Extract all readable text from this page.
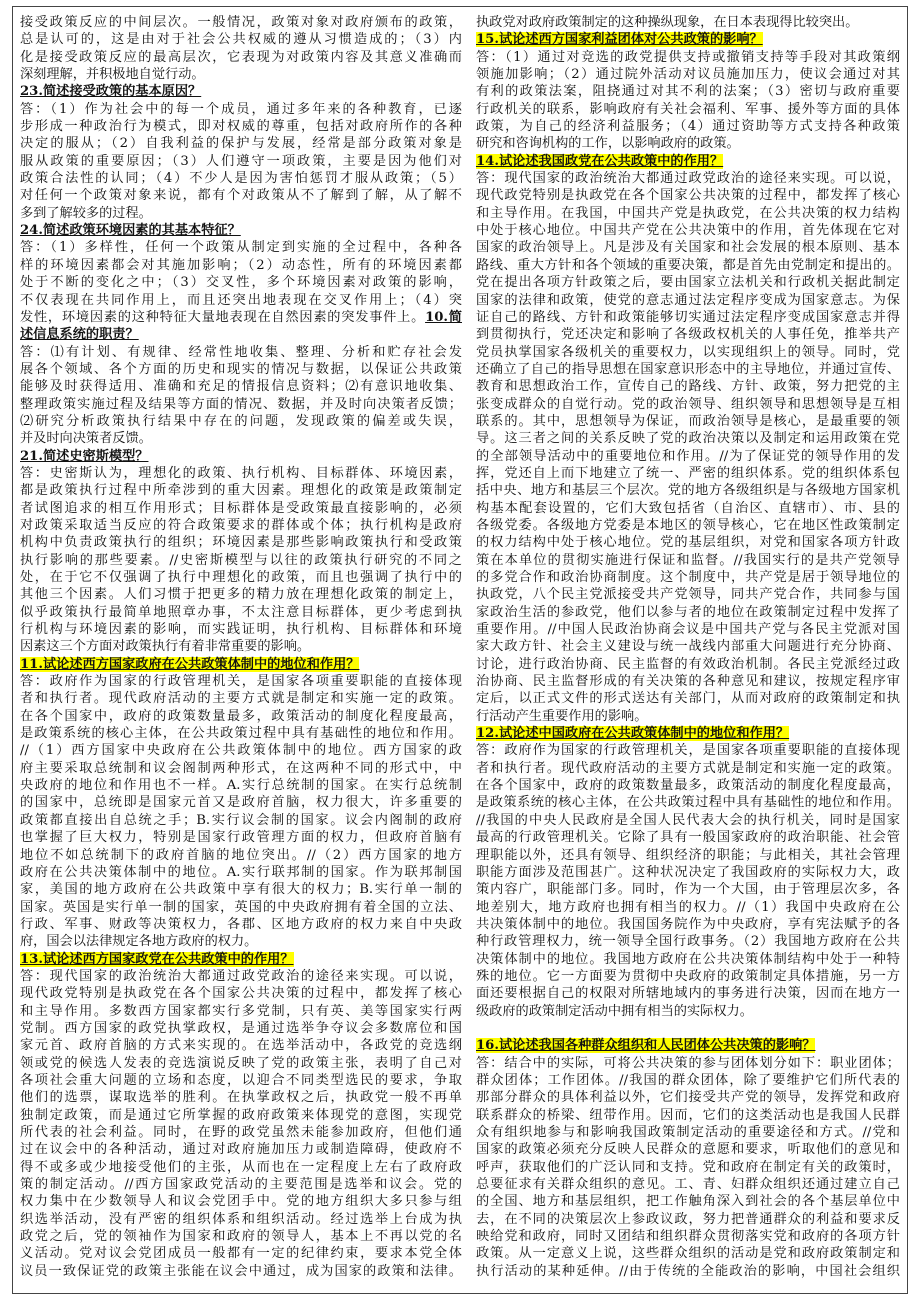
接受政策反应的中间层次。一般情况，政策对象对政府颁布的政策，
总是认可的，这是由对于社会公共权威的遵从习惯造成的；（3）内
化是接受政策反应的最高层次，它表现为对政策内容及其意义准确而
深刻理解，并积极地自觉行动。
23.简述接受政策的基本原因？
答：（1）作为社会中的每一个成员，通过多年来的各种教育，已逐
步形成一种政治行为模式，即对权威的尊重，包括对政府所作的各种
决定的服从；（2）自我利益的保护与发展，经常是部分政策对象是
服从政策的重要原因；（3）人们遵守一项政策，主要是因为他们对
政策合法性的认同；（4）不少人是因为害怕惩罚才服从政策；（5）
对任何一个政策对象来说，都有个对政策从不了解到了解，从了解不
多到了解较多的过程。
24.简述政策环境因素的其基本特征？
答：（1）多样性，任何一个政策从制定到实施的全过程中，各种各
样的环境因素都会对其施加影响；（2）动态性，所有的环境因素都
处于不断的变化之中；（3）交叉性，多个环境因素对政策的影响，
不仅表现在共同作用上，而且还突出地表现在交叉作用上；（4）突
发性，环境因素的这种特征大量地表现在自然因素的突发事件上。10.简
述信息系统的职责？
答：⑴有计划、有规律、经常性地收集、整理、分析和贮存社会发
展各个领域、各个方面的历史和现实的情况与数据，以保证公共政策
能够及时获得适用、准确和充足的情报信息资料；⑵有意识地收集、
整理政策实施过程及结果等方面的情况、数据，并及时向决策者反馈；
⑵研究分析政策执行结果中存在的问题，发现政策的偏差或失误，
并及时向决策者反馈。
21.简述史密斯模型？
答：史密斯认为，理想化的政策、执行机构、目标群体、环境因素，
都是政策执行过程中所牵涉到的重大因素。理想化的政策是政策制定
者试图追求的相互作用形式；目标群体是受政策最直接影响的，必须
对政策采取适当反应的符合政策要求的群体或个体；执行机构是政府
机构中负责政策执行的组织；环境因素是那些影响政策执行和受政策
执行影响的那些要素。//史密斯模型与以往的政策执行研究的不同之
处，在于它不仅强调了执行中理想化的政策，而且也强调了执行中的
其他三个因素。人们习惯于把更多的精力放在理想化政策的制定上，
似乎政策执行最简单地照章办事，不太注意目标群体，更少考虑到执
行机构与环境因素的影响，而实践证明，执行机构、目标群体和环境
因素这三个方面对政策执行有着非常重要的影响。
11.试论述西方国家政府在公共政策体制中的地位和作用？
答：政府作为国家的行政管理机关，是国家各项重要职能的直接体现
者和执行者。现代政府活动的主要方式就是制定和实施一定的政策。
在各个国家中，政府的政策数量最多，政策活动的制度化程度最高，
是政策系统的核心主体，在公共政策过程中具有基础性的地位和作用。
//（1）西方国家中央政府在公共政策体制中的地位。西方国家的政
府主要采取总统制和议会阁制两种形式，在这两种不同的形式中，中
央政府的地位和作用也不一样。A.实行总统制的国家。在实行总统制
的国家中，总统即是国家元首又是政府首脑，权力很大，许多重要的
政策都直接出自总统之手；B.实行议会制的国家。议会内阁制的政府
也掌握了巨大权力，特别是国家行政管理方面的权力，但政府首脑有
地位不如总统制下的政府首脑的地位突出。//（2）西方国家的地方
政府在公共决策体制中的地位。A.实行联邦制的国家。作为联邦制国
家，美国的地方政府在公共政策中享有很大的权力；B.实行单一制的
国家。英国是实行单一制的国家，英国的中央政府拥有着全国的立法、
行政、军事、财政等决策权力，各郡、区地方政府的权力来自中央政
府，国会以法律规定各地方政府的权力。
13.试论述西方国家政党在公共政策中的作用？
答：现代国家的政治统治大都通过政党政治的途径来实现。可以说，
现代政党特别是执政党在各个国家公共决策的过程中，都发挥了核心
和主导作用。多数西方国家都实行多党制，只有英、美等国家实行两
党制。西方国家的政党执掌政权，是通过选举争夺议会多数席位和国
家元首、政府首脑的方式来实现的。在选举活动中，各政党的竞选纲
领或党的候选人发表的竞选演说反映了党的政策主张，表明了自己对
各项社会重大问题的立场和态度，以迎合不同类型选民的要求，争取
他们的选票，谋取选举的胜利。在执掌政权之后，执政党一般不再单
独制定政策，而是通过它所掌握的政府政策来体现党的意图，实现党
所代表的社会利益。同时，在野的政党虽然未能参加政府，但他们通
过在议会中的各种活动，通过对政府施加压力或制造障碍，使政府不
得不或多或少地接受他们的主张，从而也在一定程度上左右了政府政
策的制定活动。//西方国家政党活动的主要范围是选举和议会。党的
权力集中在少数领导人和议会党团手中。党的地方组织大多只参与组
织选举活动，没有严密的组织体系和组织活动。经过选举上台成为执
政党之后，党的领袖作为国家和政府的领导人，基本上不再以党的名
义活动。党对议会党团成员一般都有一定的纪律约束，要求本党全体
议员一致保证党的政策主张能在议会中通过，成为国家的政策和法律。
执政党对政府政策制定的这种操纵现象，在日本表现得比较突出。
15.试论述西方国家利益团体对公共政策的影响？
答：（1）通过对竞选的政党提供支持或撤销支持等手段对其政策纲
领施加影响；（2）通过院外活动对议员施加压力，使议会通过对其
有利的政策法案，阻挠通过对其不利的法案；（3）密切与政府重要
行政机关的联系，影响政府有关社会福利、军事、援外等方面的具体
政策，为自己的经济利益服务；（4）通过资助等方式支持各种政策
研究和咨询机构的工作，以影响政府的政策。
14.试论述我国政党在公共政策中的作用？
答：现代国家的政治统治大都通过政党政治的途径来实现。可以说，
现代政党特别是执政党在各个国家公共决策的过程中，都发挥了核心
和主导作用。在我国，中国共产党是执政党，在公共决策的权力结构
中处于核心地位。中国共产党在公共决策中的作用，首先体现在它对
国家的政治领导上。凡是涉及有关国家和社会发展的根本原则、基本
路线、重大方针和各个领域的重要决策，都是首先由党制定和提出的。
党在提出各项方针政策之后，要由国家立法机关和行政机关据此制定
国家的法律和政策，使党的意志通过法定程序变成为国家意志。为保
证自己的路线、方针和政策能够切实通过法定程序变成国家意志并得
到贯彻执行，党还决定和影响了各级政权机关的人事任免，推举共产
党员执掌国家各级机关的重要权力，以实现组织上的领导。同时，党
还确立了自己的指导思想在国家意识形态中的主导地位，并通过宣传、
教育和思想政治工作，宣传自己的路线、方针、政策，努力把党的主
张变成群众的自觉行动。党的政治领导、组织领导和思想领导是互相
联系的。其中，思想领导为保证，而政治领导是核心，是最重要的领
导。这三者之间的关系反映了党的政治决策以及制定和运用政策在党
的全部领导活动中的重要地位和作用。//为了保证党的领导作用的发
挥，党还自上而下地建立了统一、严密的组织体系。党的组织体系包
括中央、地方和基层三个层次。党的地方各级组织是与各级地方国家机
构基本配套设置的，它们大致包括省（自治区、直辖市）、市、县的
各级党委。各级地方党委是本地区的领导核心，它在地区性政策制定
的权力结构中处于核心地位。党的基层组织，对党和国家各项方针政
策在本单位的贯彻实施进行保证和监督。//我国实行的是共产党领导
的多党合作和政治协商制度。这个制度中，共产党是居于领导地位的
执政党，八个民主党派接受共产党领导，同共产党合作，共同参与国
家政治生活的参政党，他们以参与者的地位在政策制定过程中发挥了
重要作用。//中国人民政治协商会议是中国共产党与各民主党派对国
家大政方针、社会主义建设与统一战线内部重大问题进行充分协商、
讨论，进行政治协商、民主监督的有效政治机制。各民主党派经过政
治协商、民主监督形成的有关决策的各种意见和建议，按规定程序审
定后，以正式文件的形式送达有关部门，从而对政府的政策制定和执
行活动产生重要作用的影响。
12.试论述中国政府在公共政策体制中的地位和作用？
答：政府作为国家的行政管理机关，是国家各项重要职能的直接体现
者和执行者。现代政府活动的主要方式就是制定和实施一定的政策。
在各个国家中，政府的政策数量最多，政策活动的制度化程度最高，
是政策系统的核心主体，在公共政策过程中具有基础性的地位和作用。
//我国的中央人民政府是全国人民代表大会的执行机关，同时是国家
最高的行政管理机关。它除了具有一般国家政府的政治职能、社会管
理职能以外，还具有领导、组织经济的职能；与此相关，其社会管理
职能方面涉及范围甚广。这种状况决定了我国政府的实际权力大，政
策内容广，职能部门多。同时，作为一个大国，由于管理层次多，各
地差别大，地方政府也拥有相当的权力。//（1）我国中央政府在公
共决策体制中的地位。我国国务院作为中央政府，享有宪法赋予的各
种行政管理权力，统一领导全国行政事务。（2）我国地方政府在公共
决策体制中的地位。我国地方政府在公共决策体制结构中处于一种特
殊的地位。它一方面要为贯彻中央政府的政策制定具体措施，另一方
面还要根据自己的权限对所辖地域内的事务进行决策，因而在地方一
级政府的政策制定活动中拥有相当的实际权力。
16.试论述我国各种群众组织和人民团体公共决策的影响？
答：结合中的实际，可将公共决策的参与团体划分如下：职业团体；
群众团体；工作团体。//我国的群众团体，除了要维护它们所代表的
那部分群众的具体利益以外，它们接受共产党的领导，发挥党和政府
联系群众的桥梁、纽带作用。因而，它们的这类活动也是我国人民群
众有组织地参与和影响我国政策制定活动的重要途径和方式。//党和
国家的政策必须充分反映人民群众的意愿和要求，听取他们的意见和
呼声，获取他们的广泛认同和支持。党和政府在制定有关的政策时，
总要征求有关群众组织的意见。工、青、妇群众组织还通过建立自己
的全国、地方和基层组织，把工作触角深入到社会的各个基层单位中
去，在不同的决策层次上参政议政，努力把普通群众的利益和要求反
映给党和政府，同时又团结和组织群众贯彻落实党和政府的各项方针
政策。从一定意义上说，这些群众组织的活动是党和政府政策制定和
执行活动的某种延伸。//由于传统的全能政治的影响，中国社会组织
